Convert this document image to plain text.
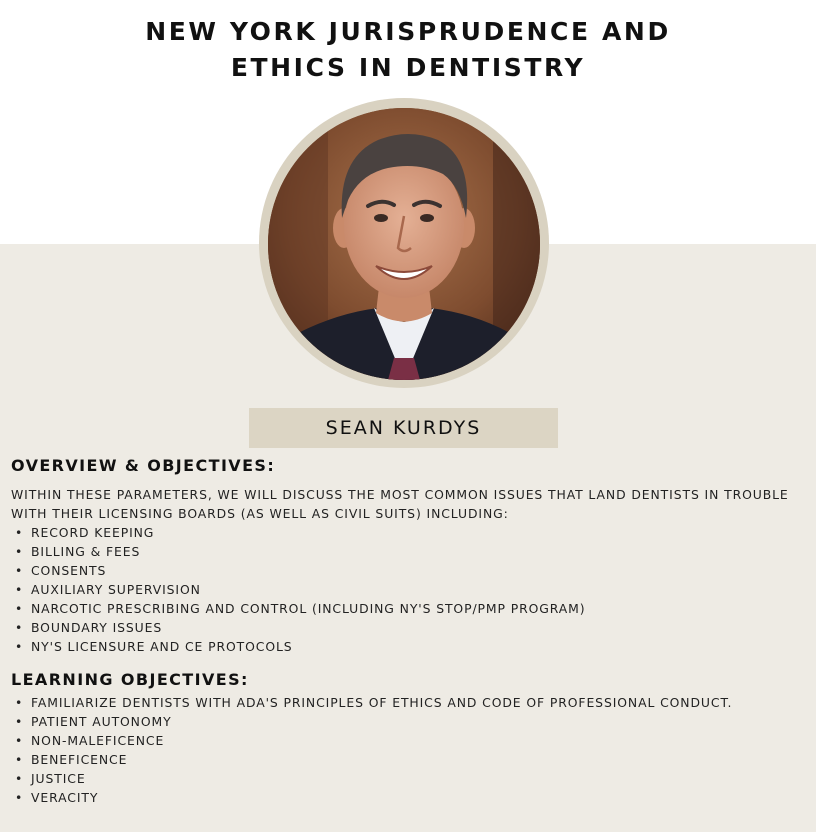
NEW YORK JURISPRUDENCE AND
ETHICS IN DENTISTRY
SEAN KURDYS
OVERVIEW & OBJECTIVES:

WITHIN THESE PARAMETERS, WE WILL DISCUSS THE MOST COMMON ISSUES THAT LAND DENTISTS IN TROUBLE WITH THEIR LICENSING BOARDS (AS WELL AS CIVIL SUITS) INCLUDING:

• RECORD KEEPING
• BILLING & FEES
• CONSENTS
• AUXILIARY SUPERVISION
• NARCOTIC PRESCRIBING AND CONTROL (INCLUDING NY'S STOP/PMP PROGRAM)
• BOUNDARY ISSUES
• NY'S LICENSURE AND CE PROTOCOLS
LEARNING OBJECTIVES:
• FAMILIARIZE DENTISTS WITH ADA'S PRINCIPLES OF ETHICS AND CODE OF PROFESSIONAL CONDUCT.
• PATIENT AUTONOMY
• NON-MALEFICENCE
• BENEFICENCE
• JUSTICE
• VERACITY
